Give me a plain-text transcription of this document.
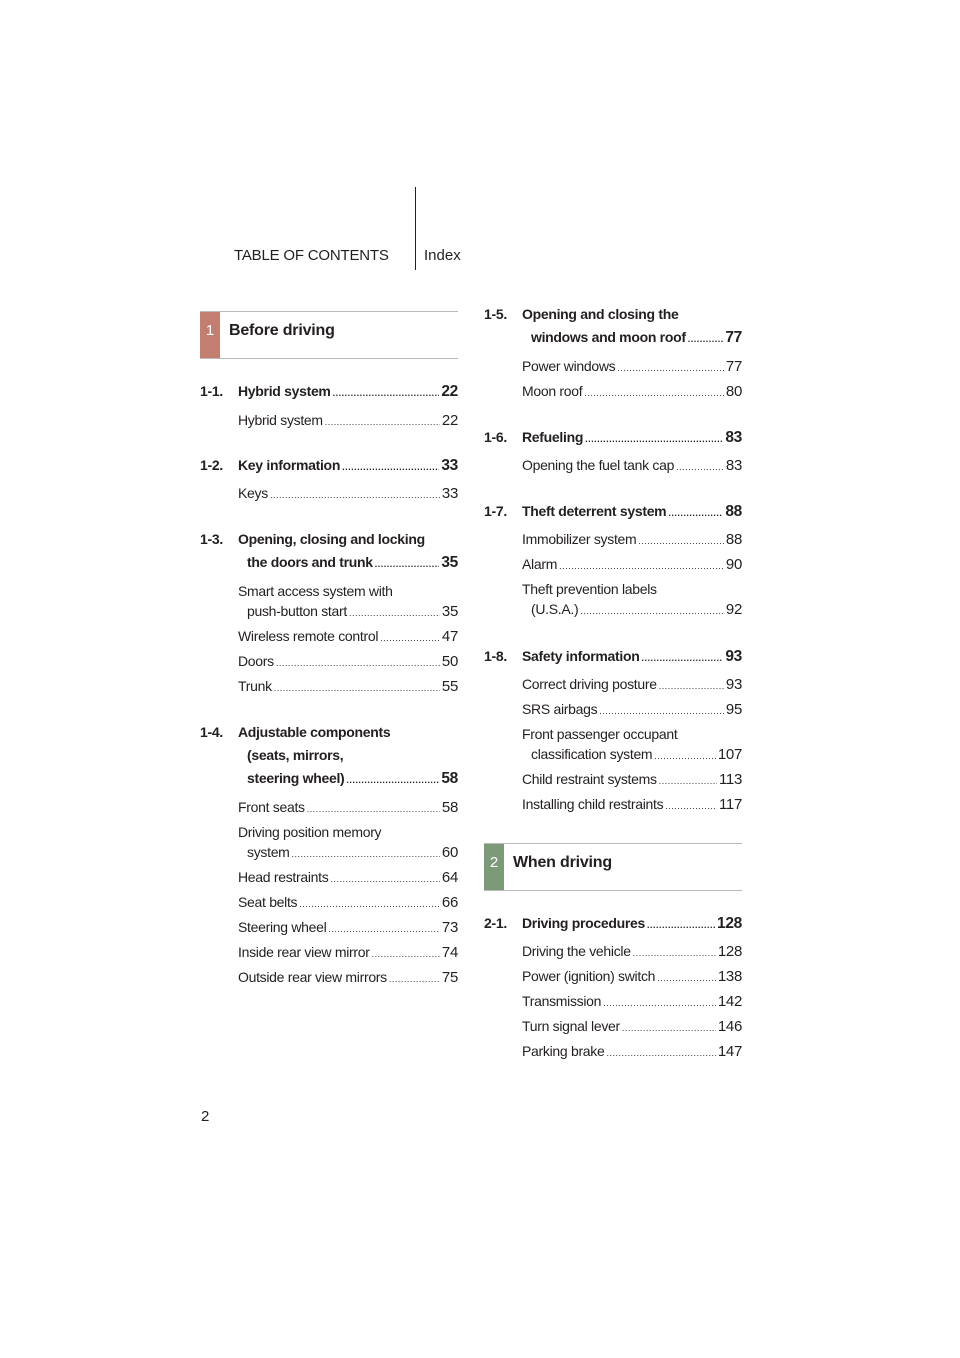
TABLE OF CONTENTS Index
1 Before driving
1-1. Hybrid system .....	22
Hybrid system .....	22
1-2. Key information .....	33
Keys .....	33
1-3. Opening, closing and locking
the doors and trunk .....	35
Smart access system with
push-button start .....	35
Wireless remote control .....	47
Doors .....	50
Trunk .....	55
1-4. Adjustable components
(seats, mirrors,
steering wheel) .....	58
Front seats .....	58
Driving position memory
system .....	60
Head restraints .....	64
Seat belts .....	66
Steering wheel .....	73
Inside rear view mirror .....	74
Outside rear view mirrors .....	75
1-5. Opening and closing the
windows and moon roof .....	77
Power windows .....	77
Moon roof .....	80
1-6. Refueling .....	83
Opening the fuel tank cap .....	83
1-7. Theft deterrent system .....	88
Immobilizer system .....	88
Alarm .....	90
Theft prevention labels
(U.S.A.) .....	92
1-8. Safety information .....	93
Correct driving posture .....	93
SRS airbags .....	95
Front passenger occupant
classification system .....	107
Child restraint systems .....	113
Installing child restraints .....	117
2 When driving
2-1. Driving procedures .....	128
Driving the vehicle .....	128
Power (ignition) switch .....	138
Transmission .....	142
Turn signal lever .....	146
Parking brake .....	147
2
